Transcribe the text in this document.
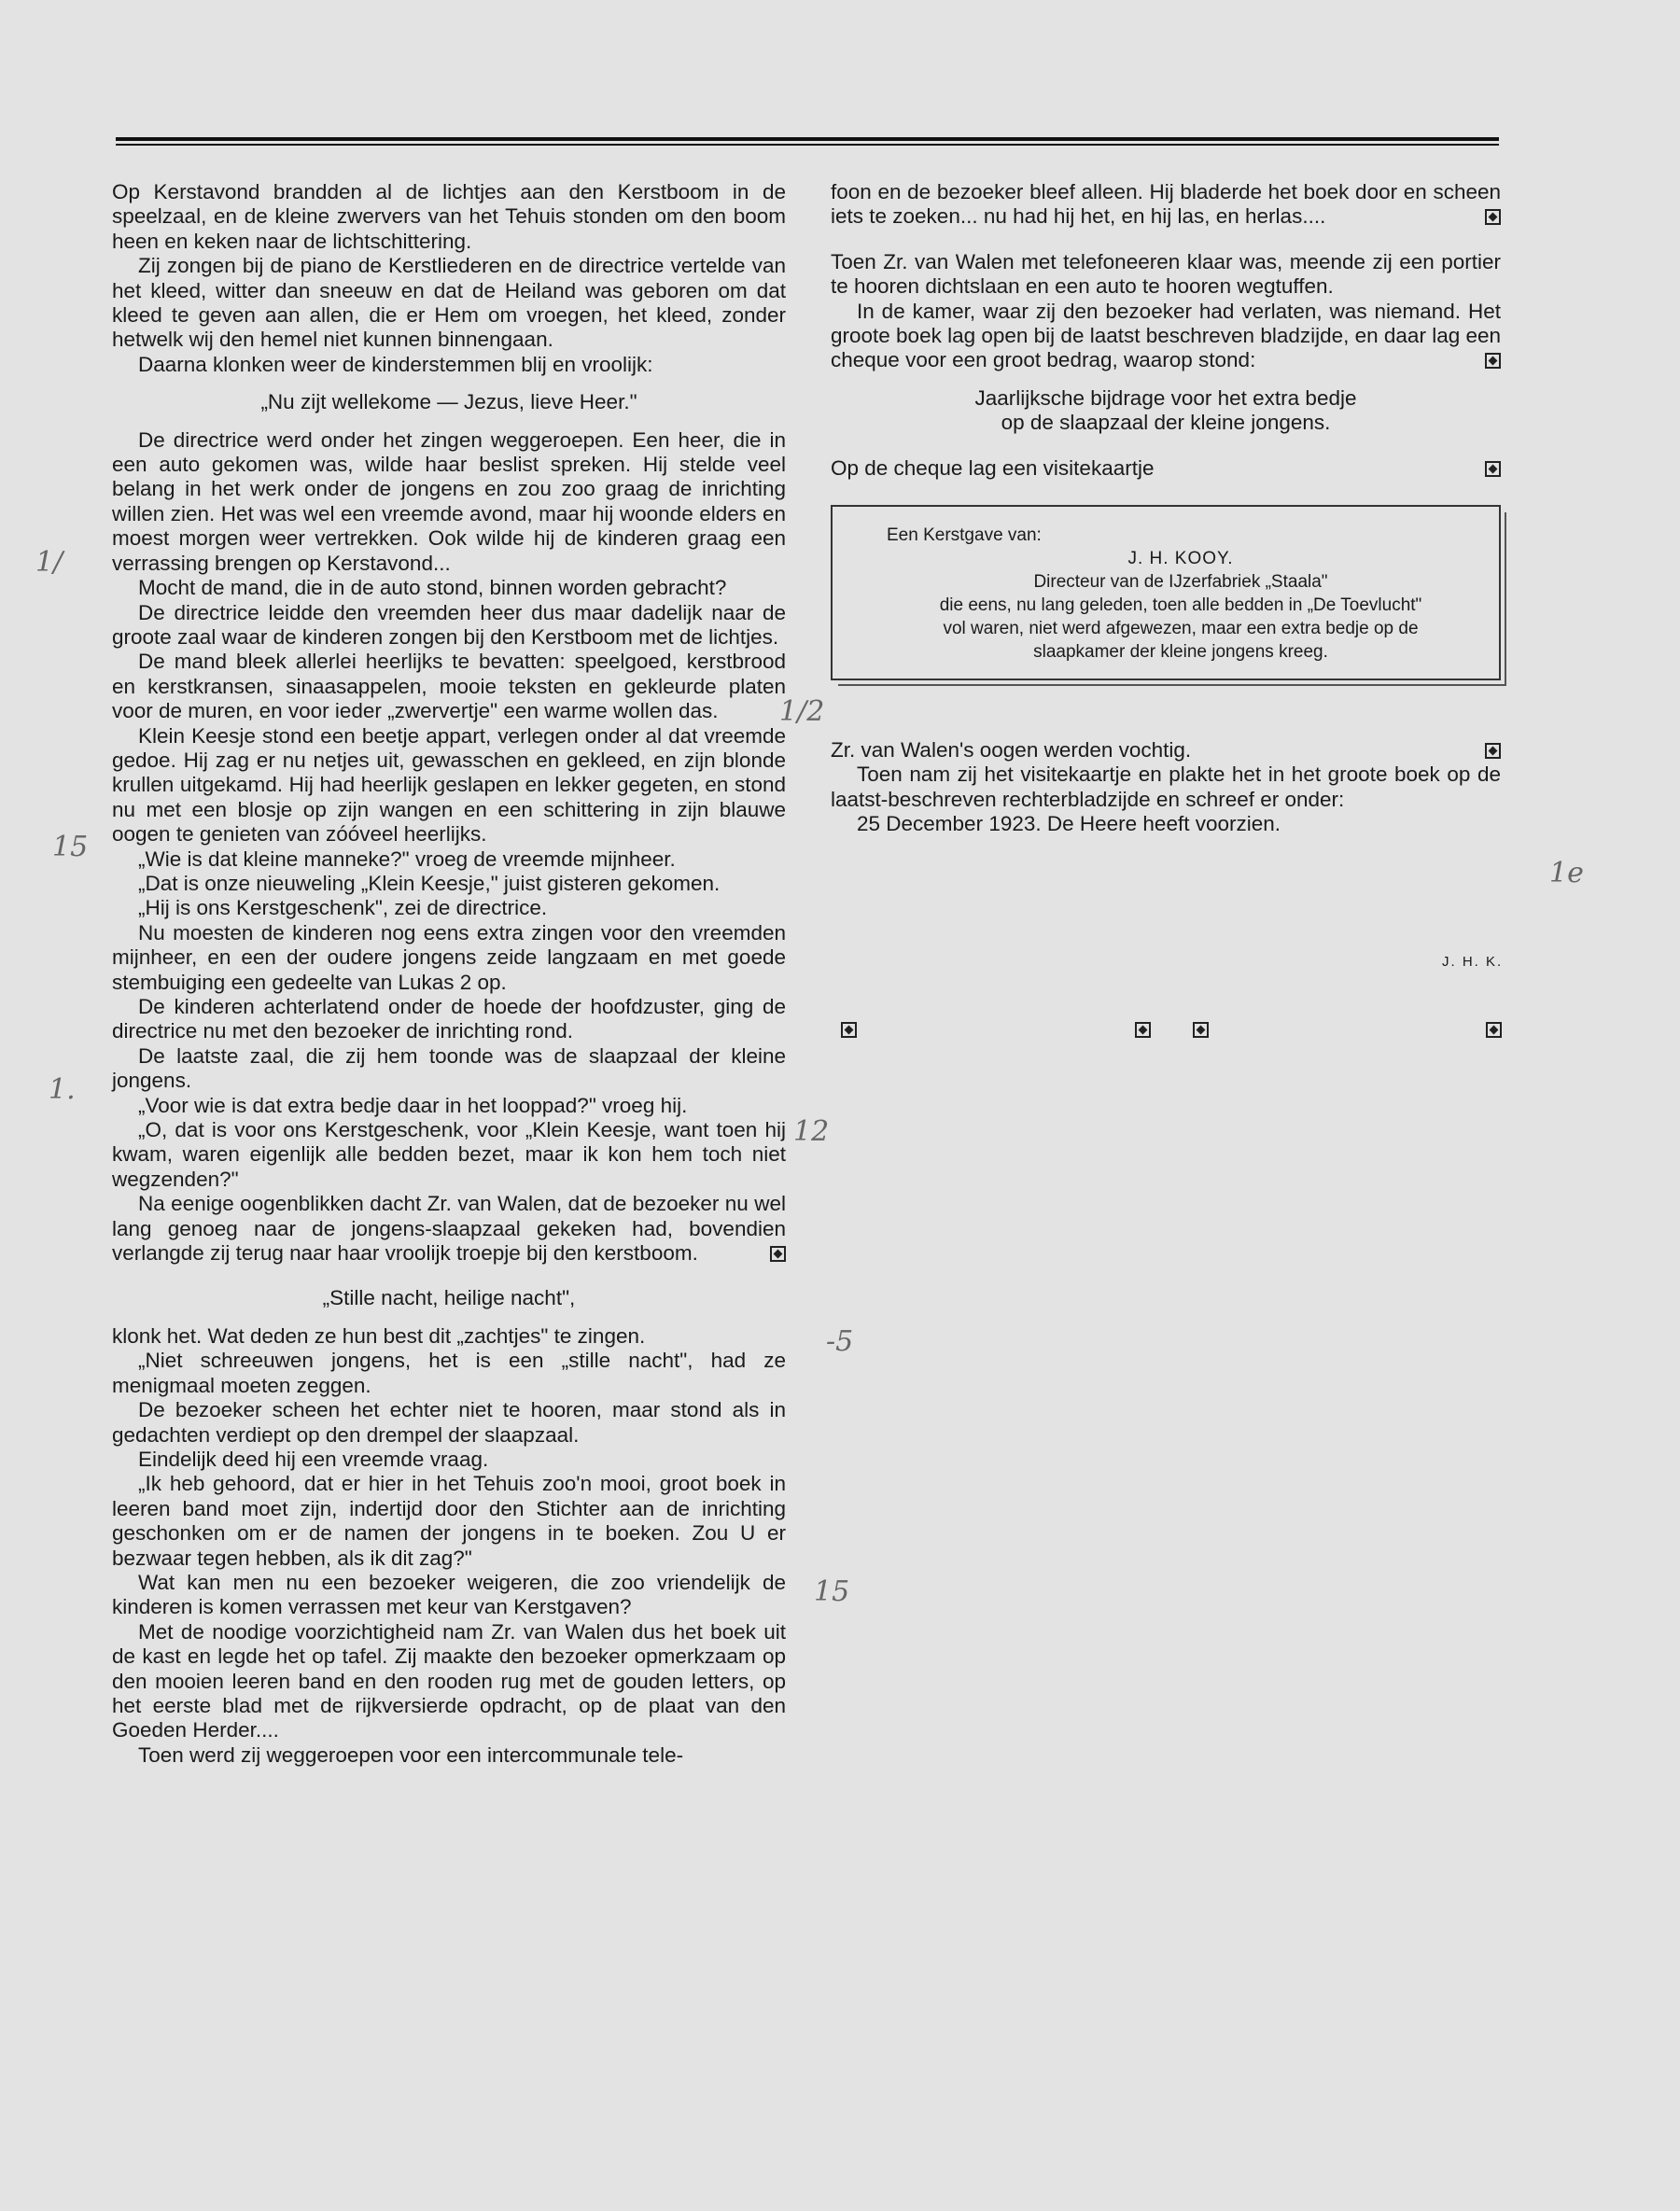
Op Kerstavond brandden al de lichtjes aan den Kerstboom in de speelzaal, en de kleine zwervers van het Tehuis stonden om den boom heen en keken naar de lichtschittering.

Zij zongen bij de piano de Kerstliederen en de directrice vertelde van het kleed, witter dan sneeuw en dat de Heiland was geboren om dat kleed te geven aan allen, die er Hem om vroegen, het kleed, zonder hetwelk wij den hemel niet kunnen binnengaan.

Daarna klonken weer de kinderstemmen blij en vroolijk:

„Nu zijt wellekome — Jezus, lieve Heer."

De directrice werd onder het zingen weggeroepen. Een heer, die in een auto gekomen was, wilde haar beslist spreken. Hij stelde veel belang in het werk onder de jongens en zou zoo graag de inrichting willen zien. Het was wel een vreemde avond, maar hij woonde elders en moest morgen weer vertrekken. Ook wilde hij de kinderen graag een verrassing brengen op Kerstavond...

Mocht de mand, die in de auto stond, binnen worden gebracht?

De directrice leidde den vreemden heer dus maar dadelijk naar de groote zaal waar de kinderen zongen bij den Kerstboom met de lichtjes.

De mand bleek allerlei heerlijks te bevatten: speelgoed, kerstbrood en kerstkransen, sinaasappelen, mooie teksten en gekleurde platen voor de muren, en voor ieder „zwervertje" een warme wollen das.

Klein Keesje stond een beetje appart, verlegen onder al dat vreemde gedoe. Hij zag er nu netjes uit, gewasschen en gekleed, en zijn blonde krullen uitgekamd. Hij had heerlijk geslapen en lekker gegeten, en stond nu met een blosje op zijn wangen en een schittering in zijn blauwe oogen te genieten van zóóveel heerlijks.

„Wie is dat kleine manneke?" vroeg de vreemde mijnheer.

„Dat is onze nieuweling „Klein Keesje," juist gisteren gekomen.

„Hij is ons Kerstgeschenk", zei de directrice.

Nu moesten de kinderen nog eens extra zingen voor den vreemden mijnheer, en een der oudere jongens zeide langzaam en met goede stembuiging een gedeelte van Lukas 2 op.

De kinderen achterlatend onder de hoede der hoofdzuster, ging de directrice nu met den bezoeker de inrichting rond.

De laatste zaal, die zij hem toonde was de slaapzaal der kleine jongens.

„Voor wie is dat extra bedje daar in het looppad?" vroeg hij.

„O, dat is voor ons Kerstgeschenk, voor „Klein Keesje, want toen hij kwam, waren eigenlijk alle bedden bezet, maar ik kon hem toch niet wegzenden?"

Na eenige oogenblikken dacht Zr. van Walen, dat de bezoeker nu wel lang genoeg naar de jongens-slaapzaal gekeken had, bovendien verlangde zij terug naar haar vroolijk troepje bij den kerstboom.

„Stille nacht, heilige nacht",

klonk het. Wat deden ze hun best dit „zachtjes" te zingen.

„Niet schreeuwen jongens, het is een „stille nacht", had ze menigmaal moeten zeggen.

De bezoeker scheen het echter niet te hooren, maar stond als in gedachten verdiept op den drempel der slaapzaal.

Eindelijk deed hij een vreemde vraag.

„Ik heb gehoord, dat er hier in het Tehuis zoo'n mooi, groot boek in leeren band moet zijn, indertijd door den Stichter aan de inrichting geschonken om er de namen der jongens in te boeken. Zou U er bezwaar tegen hebben, als ik dit zag?"

Wat kan men nu een bezoeker weigeren, die zoo vriendelijk de kinderen is komen verrassen met keur van Kerstgaven?

Met de noodige voorzichtigheid nam Zr. van Walen dus het boek uit de kast en legde het op tafel. Zij maakte den bezoeker opmerkzaam op den mooien leeren band en den rooden rug met de gouden letters, op het eerste blad met de rijkversierde opdracht, op de plaat van den Goeden Herder....

Toen werd zij weggeroepen voor een intercommunale tele-

foon en de bezoeker bleef alleen. Hij bladerde het boek door en scheen iets te zoeken... nu had hij het, en hij las, en herlas....

Toen Zr. van Walen met telefoneeren klaar was, meende zij een portier te hooren dichtslaan en een auto te hooren wegtuffen.

In de kamer, waar zij den bezoeker had verlaten, was niemand. Het groote boek lag open bij de laatst beschreven bladzijde, en daar lag een cheque voor een groot bedrag, waarop stond:

Jaarlijksche bijdrage voor het extra bedje

op de slaapzaal der kleine jongens.

Op de cheque lag een visitekaartje

Een Kerstgave van:

J. H. KOOY.

Directeur van de IJzerfabriek „Staala"

die eens, nu lang geleden, toen alle bedden in „De Toevlucht"

vol waren, niet werd afgewezen, maar een extra bedje op de

slaapkamer der kleine jongens kreeg.

Zr. van Walen's oogen werden vochtig.

Toen nam zij het visitekaartje en plakte het in het groote boek op de laatst-beschreven rechterbladzijde en schreef er onder:

25 December 1923. De Heere heeft voorzien.

J. H. K.
1/
1/2
15
1.
12
-5
15
1e
